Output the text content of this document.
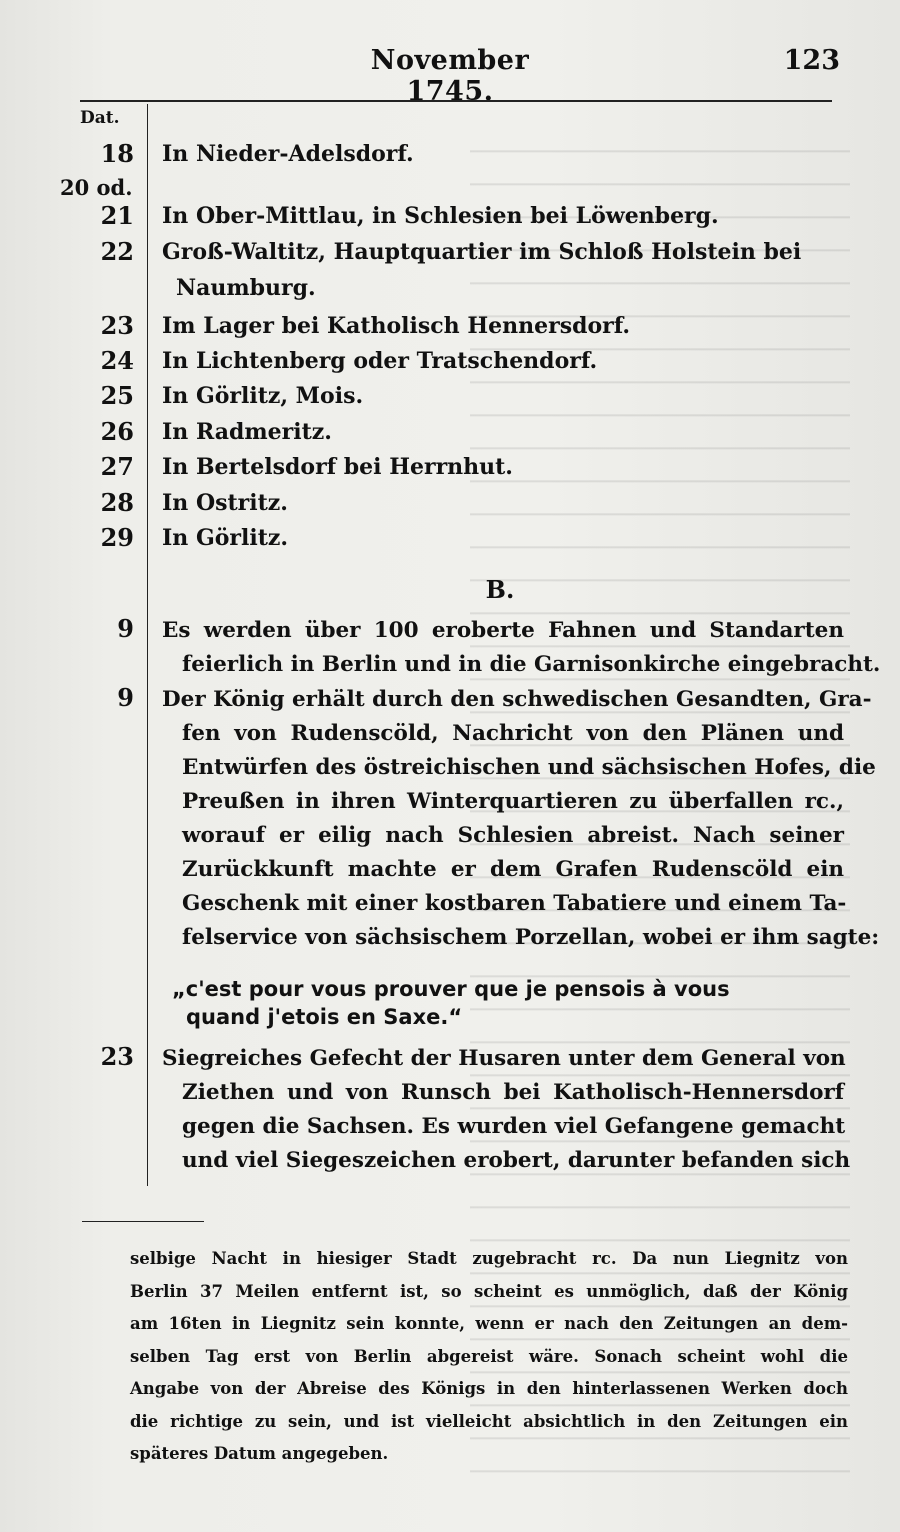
November 1745.
123
Dat.
18 In Nieder-Adelsdorf.
20 od.
21 In Ober-Mittlau, in Schlesien bei Löwenberg.
22 Groß-Waltitz, Hauptquartier im Schloß Holstein bei
Naumburg.
23 Im Lager bei Katholisch Hennersdorf.
24 In Lichtenberg oder Tratschendorf.
25 In Görlitz, Mois.
26 In Radmeritz.
27 In Bertelsdorf bei Herrnhut.
28 In Ostritz.
29 In Görlitz.
B.
9 Es werden über 100 eroberte Fahnen und Standarten
feierlich in Berlin und in die Garnisonkirche eingebracht.
9 Der König erhält durch den schwedischen Gesandten, Gra-
fen von Rudenscöld, Nachricht von den Plänen und
Entwürfen des östreichischen und sächsischen Hofes, die
Preußen in ihren Winterquartieren zu überfallen rc.,
worauf er eilig nach Schlesien abreist. Nach seiner
Zurückkunft machte er dem Grafen Rudenscöld ein
Geschenk mit einer kostbaren Tabatiere und einem Ta-
felservice von sächsischem Porzellan, wobei er ihm sagte:
„c'est pour vous prouver que je pensois à vous
quand j'etois en Saxe.“
23 Siegreiches Gefecht der Husaren unter dem General von
Ziethen und von Runsch bei Katholisch-Hennersdorf
gegen die Sachsen. Es wurden viel Gefangene gemacht
und viel Siegeszeichen erobert, darunter befanden sich
selbige Nacht in hiesiger Stadt zugebracht rc. Da nun Liegnitz von
Berlin 37 Meilen entfernt ist, so scheint es unmöglich, daß der König
am 16ten in Liegnitz sein konnte, wenn er nach den Zeitungen an dem-
selben Tag erst von Berlin abgereist wäre. Sonach scheint wohl die
Angabe von der Abreise des Königs in den hinterlassenen Werken doch
die richtige zu sein, und ist vielleicht absichtlich in den Zeitungen ein
späteres Datum angegeben.
